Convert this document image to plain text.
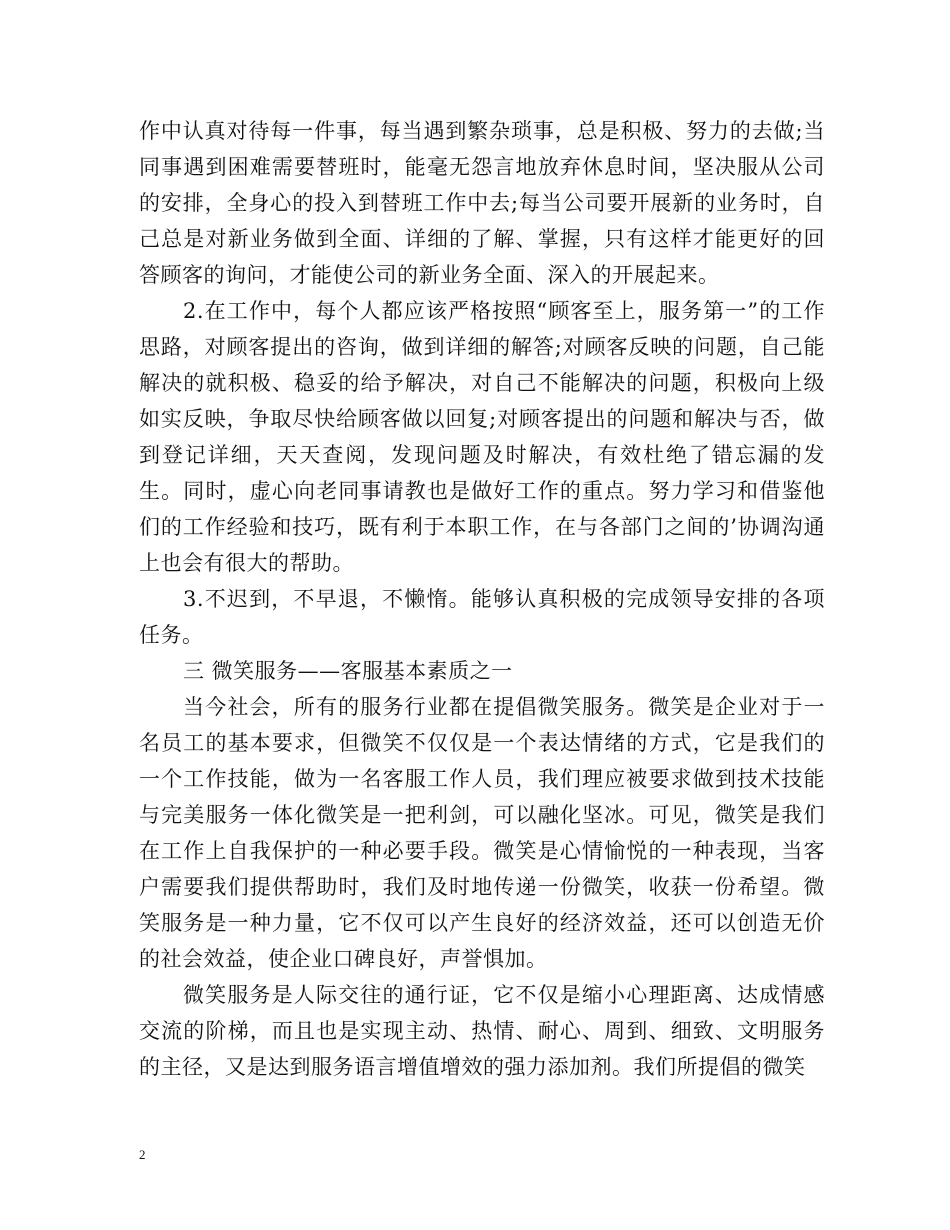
作中认真对待每一件事，每当遇到繁杂琐事，总是积极、努力的去做;当同事遇到困难需要替班时，能毫无怨言地放弃休息时间，坚决服从公司的安排，全身心的投入到替班工作中去;每当公司要开展新的业务时，自己总是对新业务做到全面、详细的了解、掌握，只有这样才能更好的回答顾客的询问，才能使公司的新业务全面、深入的开展起来。

2.在工作中，每个人都应该严格按照“顾客至上，服务第一”的工作思路，对顾客提出的咨询，做到详细的解答;对顾客反映的问题，自己能解决的就积极、稳妥的给予解决，对自己不能解决的问题，积极向上级如实反映，争取尽快给顾客做以回复;对顾客提出的问题和解决与否，做到登记详细，天天查阅，发现问题及时解决，有效杜绝了错忘漏的发生。同时，虚心向老同事请教也是做好工作的重点。努力学习和借鉴他们的工作经验和技巧，既有利于本职工作，在与各部门之间的’协调沟通上也会有很大的帮助。

3.不迟到，不早退，不懒惰。能够认真积极的完成领导安排的各项任务。

三 微笑服务——客服基本素质之一

当今社会，所有的服务行业都在提倡微笑服务。微笑是企业对于一名员工的基本要求，但微笑不仅仅是一个表达情绪的方式，它是我们的一个工作技能，做为一名客服工作人员，我们理应被要求做到技术技能与完美服务一体化微笑是一把利剑，可以融化坚冰。可见，微笑是我们在工作上自我保护的一种必要手段。微笑是心情愉悦的一种表现，当客户需要我们提供帮助时，我们及时地传递一份微笑，收获一份希望。微笑服务是一种力量，它不仅可以产生良好的经济效益，还可以创造无价的社会效益，使企业口碑良好，声誉惧加。

微笑服务是人际交往的通行证，它不仅是缩小心理距离、达成情感交流的阶梯，而且也是实现主动、热情、耐心、周到、细致、文明服务的主径，又是达到服务语言增值增效的强力添加剂。我们所提倡的微笑

2
